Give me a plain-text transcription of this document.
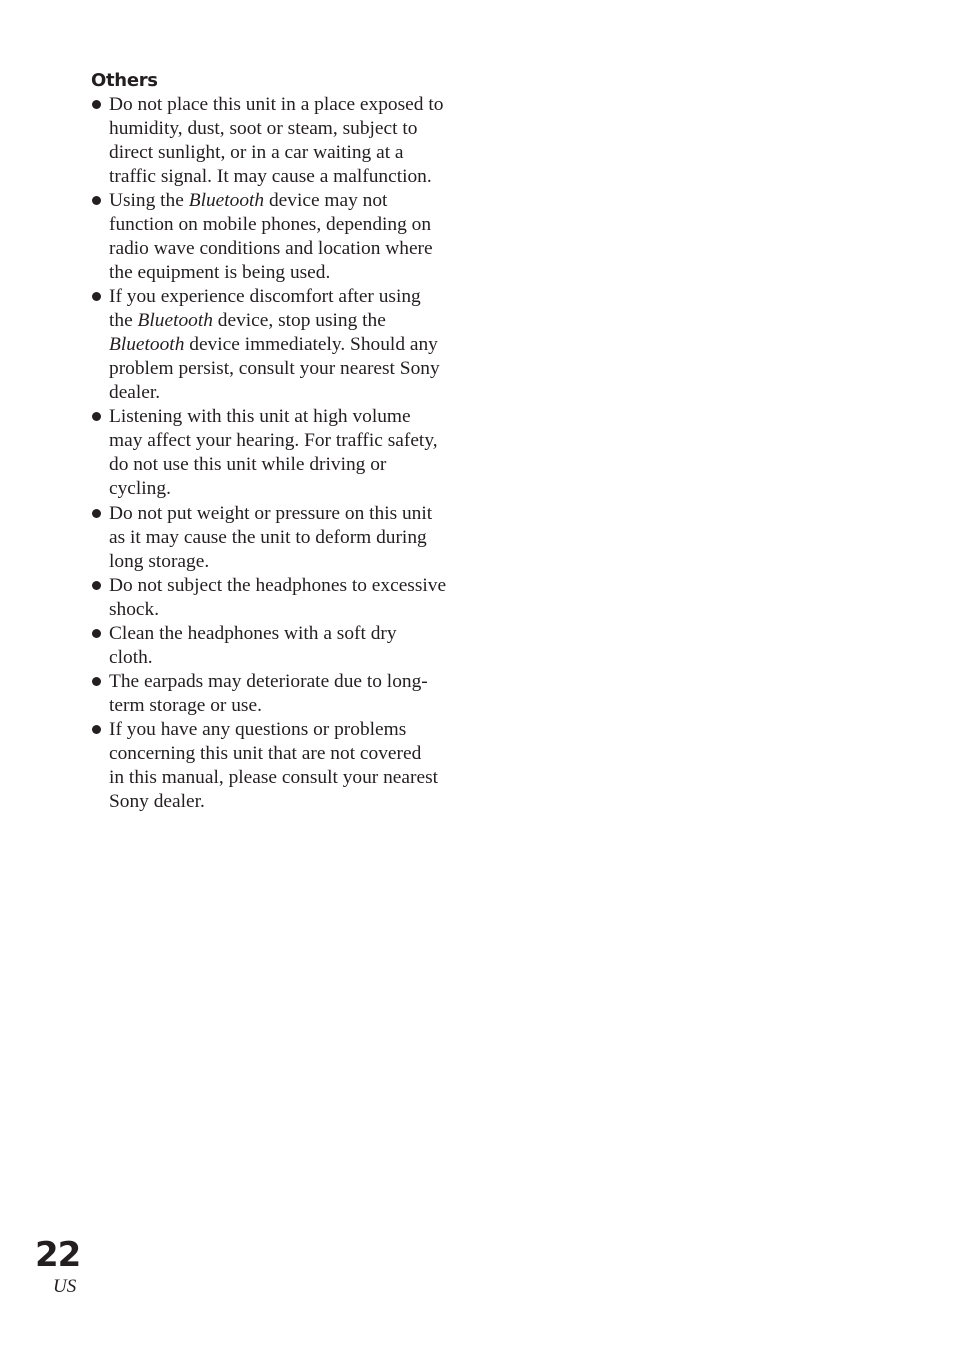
Others
Do not place this unit in a place exposed to
humidity, dust, soot or steam, subject to
direct sunlight, or in a car waiting at a
traffic signal. It may cause a malfunction.
Using the Bluetooth device may not
function on mobile phones, depending on
radio wave conditions and location where
the equipment is being used.
If you experience discomfort after using
the Bluetooth device, stop using the
Bluetooth device immediately. Should any
problem persist, consult your nearest Sony
dealer.
Listening with this unit at high volume
may affect your hearing. For traffic safety,
do not use this unit while driving or
cycling.
Do not put weight or pressure on this unit
as it may cause the unit to deform during
long storage.
Do not subject the headphones to excessive
shock.
Clean the headphones with a soft dry
cloth.
The earpads may deteriorate due to long-
term storage or use.
If you have any questions or problems
concerning this unit that are not covered
in this manual, please consult your nearest
Sony dealer.
22
US
